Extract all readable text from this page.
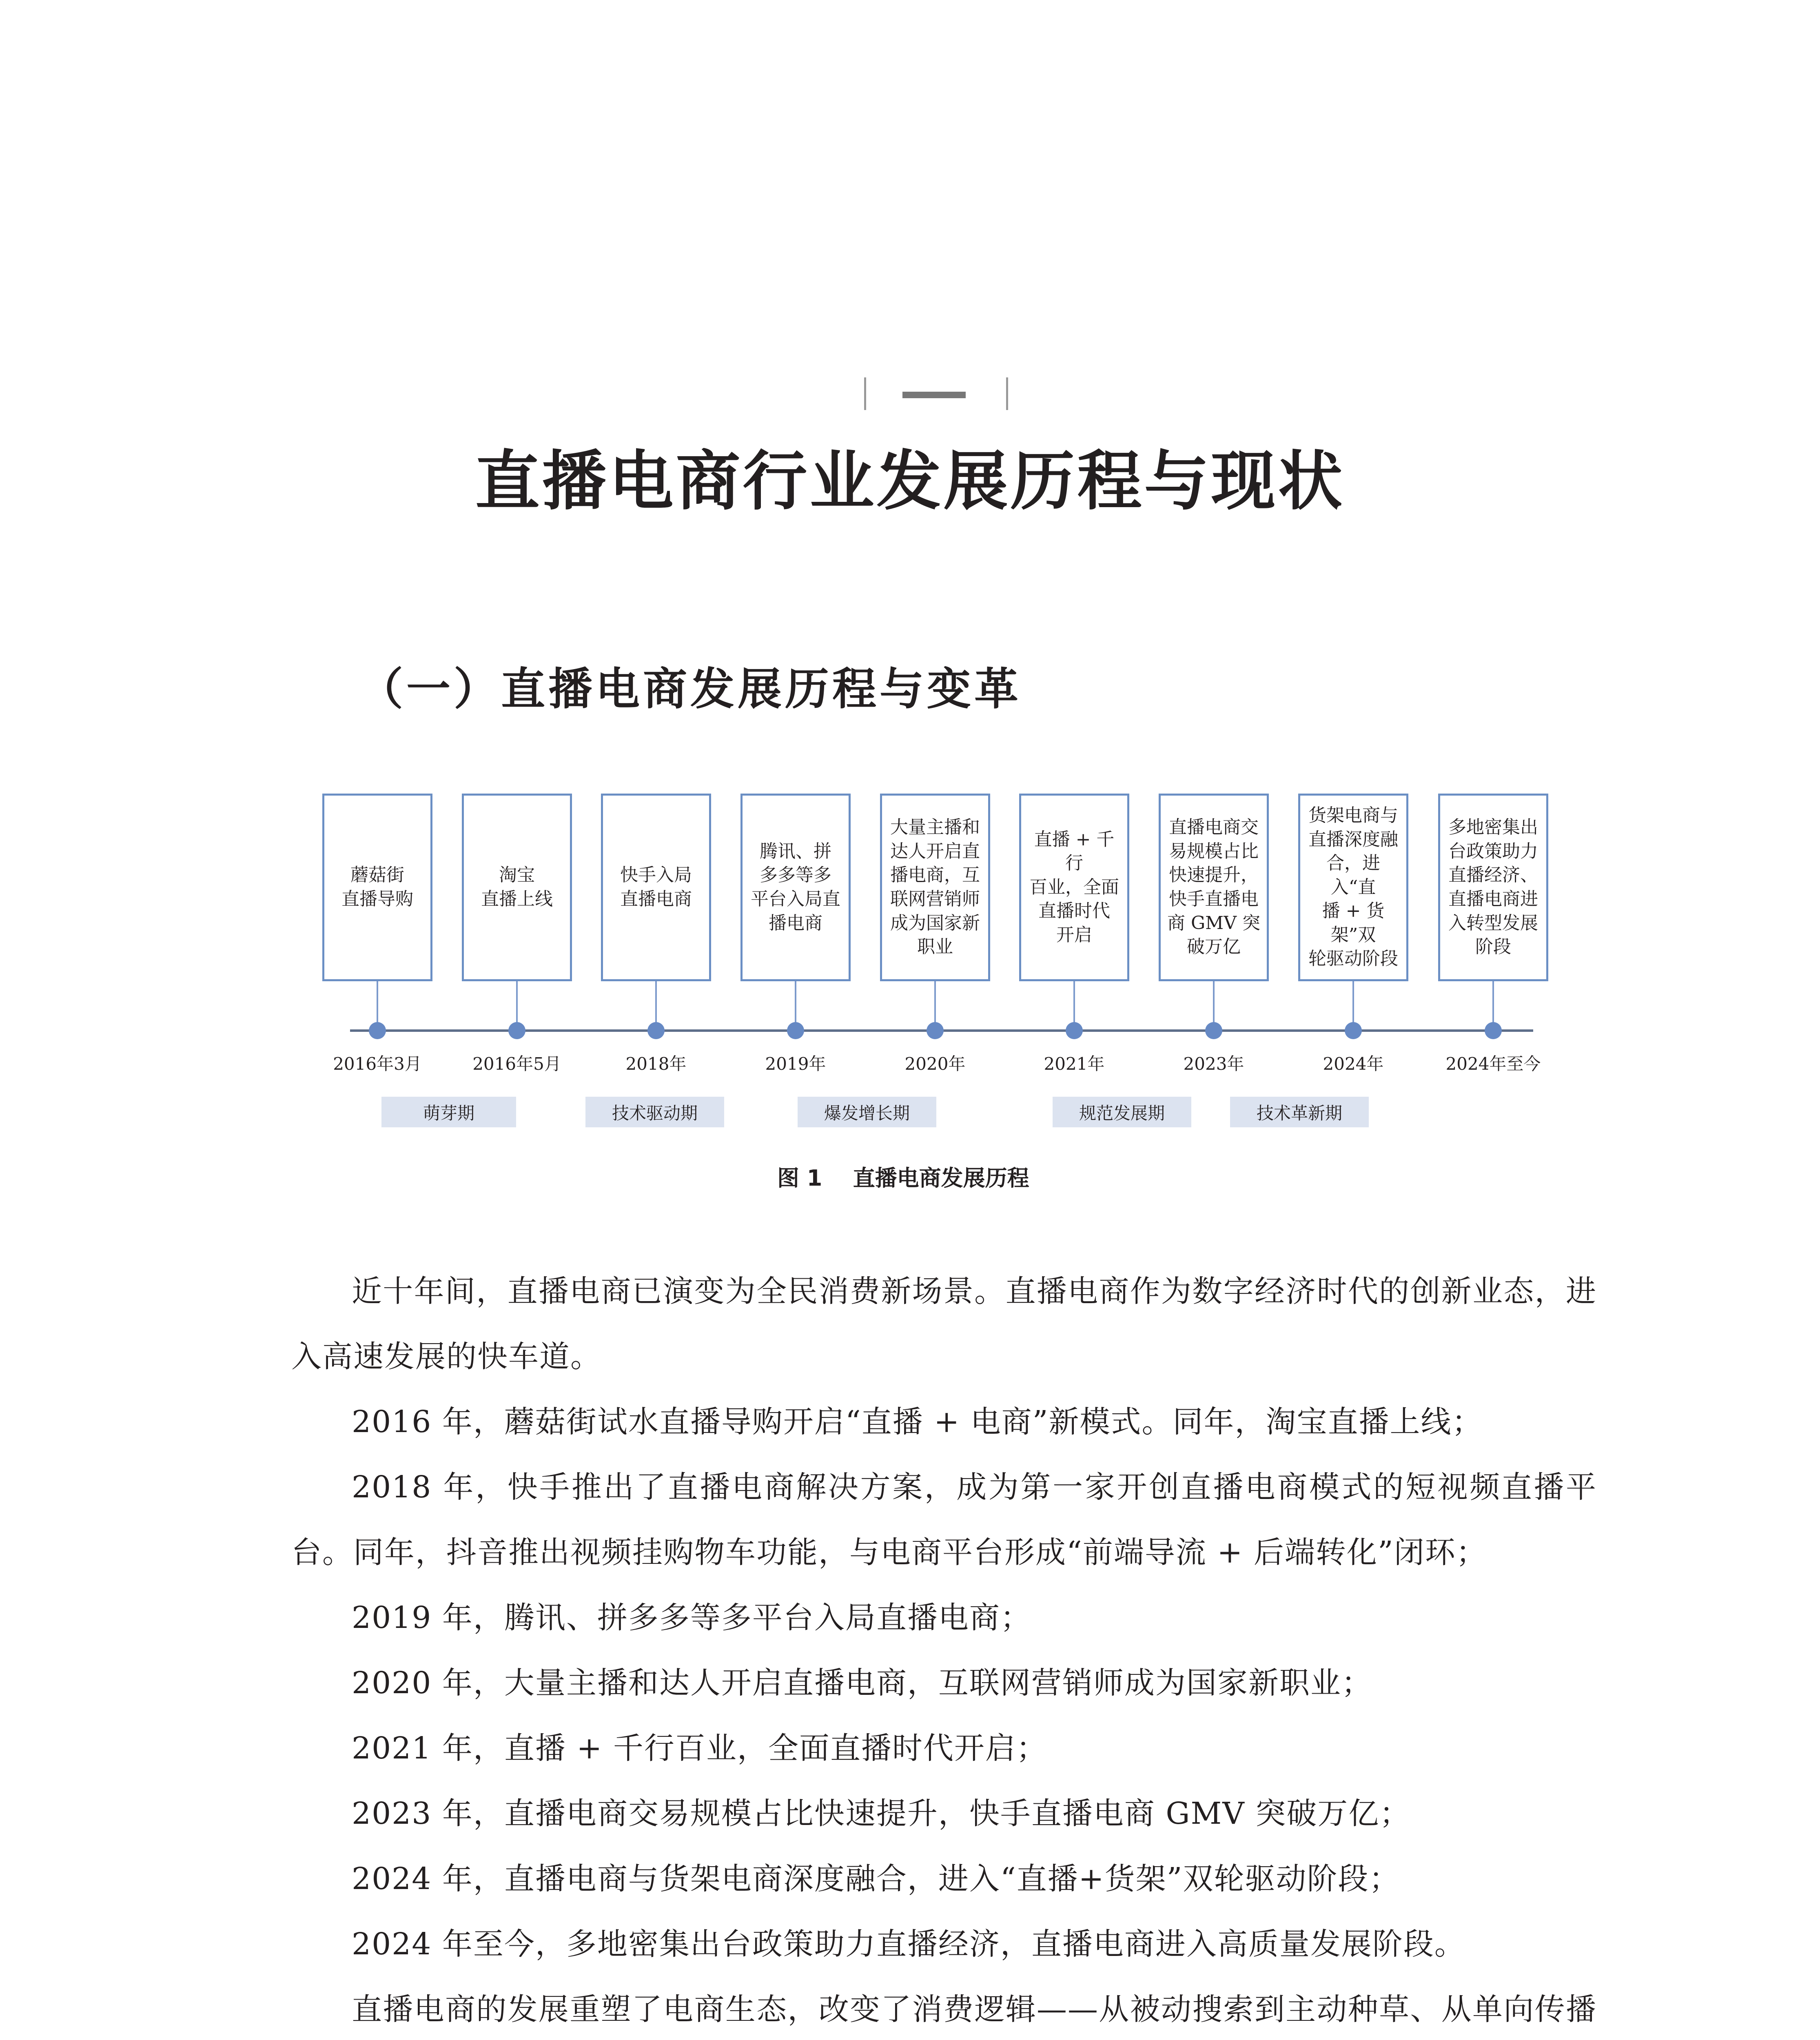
直播电商行业发展历程与现状
（一）直播电商发展历程与变革
蘑菇街
直播导购
2016年3月
淘宝
直播上线
2016年5月
快手入局
直播电商
2018年
腾讯、拼
多多等多
平台入局直
播电商
2019年
大量主播和
达人开启直
播电商，互
联网营销师
成为国家新
职业
2020年
直播 + 千行
百业，全面
直播时代
开启
2021年
直播电商交
易规模占比
快速提升，
快手直播电
商 GMV 突
破万亿
2023年
货架电商与
直播深度融
合，进入“直
播 + 货架”双
轮驱动阶段
2024年
多地密集出
台政策助力
直播经济、
直播电商进
入转型发展
阶段
2024年至今
萌芽期	技术驱动期	爆发增长期	规范发展期	技术革新期
图 1 直播电商发展历程

近十年间，直播电商已演变为全民消费新场景。直播电商作为数字经济时代的创新业态，进入高速发展的快车道。

2016 年，蘑菇街试水直播导购开启“直播 + 电商”新模式。同年，淘宝直播上线；

2018 年，快手推出了直播电商解决方案，成为第一家开创直播电商模式的短视频直播平台。同年，抖音推出视频挂购物车功能，与电商平台形成“前端导流 + 后端转化”闭环；

2019 年，腾讯、拼多多等多平台入局直播电商；

2020 年，大量主播和达人开启直播电商，互联网营销师成为国家新职业；

2021 年，直播 + 千行百业，全面直播时代开启；

2023 年，直播电商交易规模占比快速提升，快手直播电商 GMV 突破万亿；

2024 年，直播电商与货架电商深度融合，进入“直播+货架”双轮驱动阶段；

2024 年至今，多地密集出台政策助力直播经济，直播电商进入高质量发展阶段。

直播电商的发展重塑了电商生态，改变了消费逻辑——从被动搜索到主动种草、从单向传播
